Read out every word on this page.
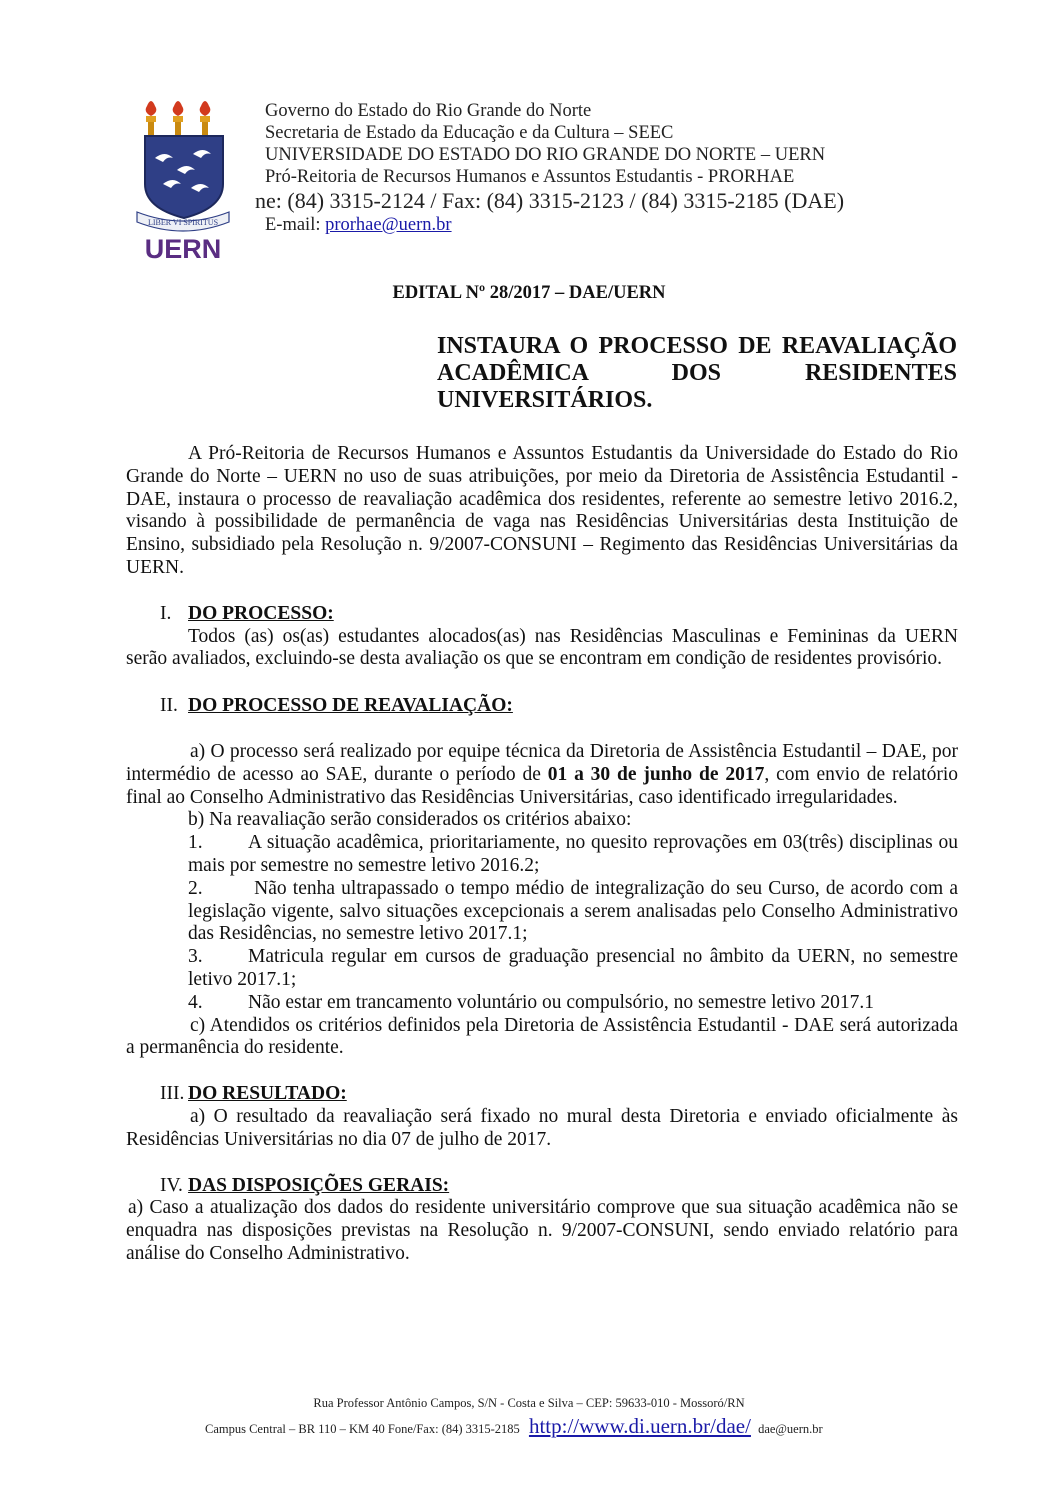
LIBER VI SPIRITUS
UERN
Governo do Estado do Rio Grande do Norte
Secretaria de Estado da Educação e da Cultura – SEEC
UNIVERSIDADE DO ESTADO DO RIO GRANDE DO NORTE – UERN
Pró-Reitoria de Recursos Humanos e Assuntos Estudantis - PRORHAE
ne: (84) 3315-2124 / Fax: (84) 3315-2123 / (84) 3315-2185 (DAE)
E-mail: prorhae@uern.br
EDITAL Nº 28/2017 – DAE/UERN
INSTAURA O PROCESSO DE REAVALIAÇÃO
ACADÊMICA DOS RESIDENTES
UNIVERSITÁRIOS.

A Pró-Reitoria de Recursos Humanos e Assuntos Estudantis da Universidade do Estado do Rio Grande do Norte – UERN no uso de suas atribuições, por meio da Diretoria de Assistência Estudantil - DAE, instaura o processo de reavaliação acadêmica dos residentes, referente ao semestre letivo 2016.2, visando à possibilidade de permanência de vaga nas Residências Universitárias desta Instituição de Ensino, subsidiado pela Resolução n. 9/2007-CONSUNI – Regimento das Residências Universitárias da UERN.

I. DO PROCESSO:

Todos (as) os(as) estudantes alocados(as) nas Residências Masculinas e Femininas da UERN serão avaliados, excluindo-se desta avaliação os que se encontram em condição de residentes provisório.

II. DO PROCESSO DE REAVALIAÇÃO:

a) O processo será realizado por equipe técnica da Diretoria de Assistência Estudantil – DAE, por intermédio de acesso ao SAE, durante o período de 01 a 30 de junho de 2017, com envio de relatório final ao Conselho Administrativo das Residências Universitárias, caso identificado irregularidades.

b) Na reavaliação serão considerados os critérios abaixo:

1. A situação acadêmica, prioritariamente, no quesito reprovações em 03(três) disciplinas ou mais por semestre no semestre letivo 2016.2;

2. Não tenha ultrapassado o tempo médio de integralização do seu Curso, de acordo com a legislação vigente, salvo situações excepcionais a serem analisadas pelo Conselho Administrativo das Residências, no semestre letivo 2017.1;

3. Matricula regular em cursos de graduação presencial no âmbito da UERN, no semestre letivo 2017.1;

4. Não estar em trancamento voluntário ou compulsório, no semestre letivo 2017.1

c) Atendidos os critérios definidos pela Diretoria de Assistência Estudantil - DAE será autorizada a permanência do residente.

III. DO RESULTADO:

a) O resultado da reavaliação será fixado no mural desta Diretoria e enviado oficialmente às Residências Universitárias no dia 07 de julho de 2017.

IV. DAS DISPOSIÇÕES GERAIS:

a) Caso a atualização dos dados do residente universitário comprove que sua situação acadêmica não se enquadra nas disposições previstas na Resolução n. 9/2007-CONSUNI, sendo enviado relatório para análise do Conselho Administrativo.

Rua Professor Antônio Campos, S/N - Costa e Silva – CEP: 59633-010 - Mossoró/RN
Campus Central – BR 110 – KM 40 Fone/Fax: (84) 3315-2185 http://www.di.uern.br/dae/ dae@uern.br
